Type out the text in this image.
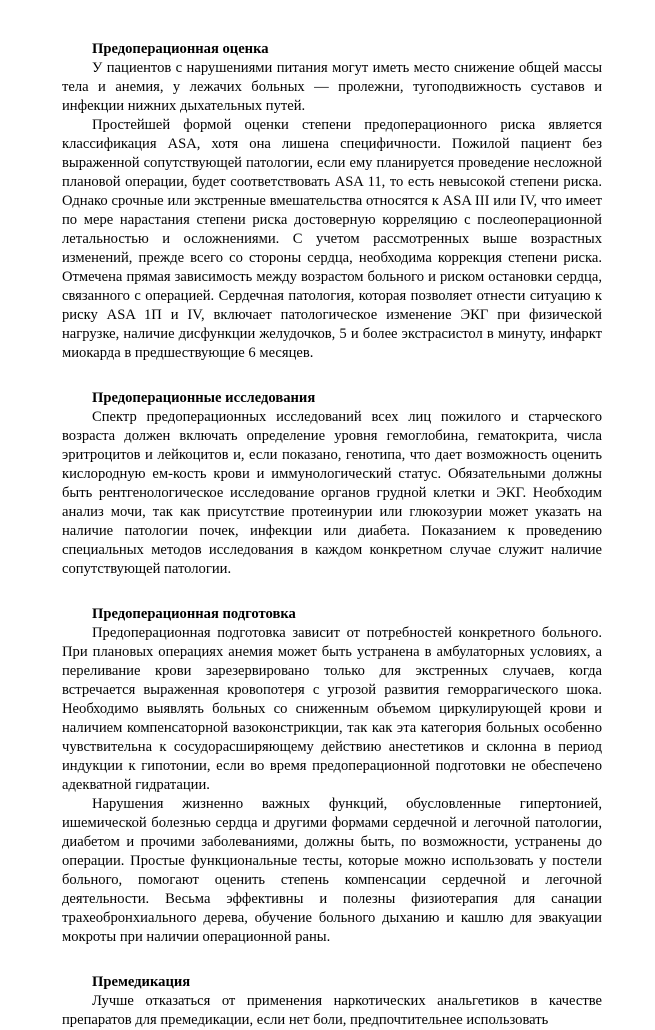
Предоперационная оценка

У пациентов с нарушениями питания могут иметь место снижение общей массы тела и анемия, у лежачих больных — пролежни, тугоподвижность суставов и инфекции нижних дыхательных путей.

Простейшей формой оценки степени предоперационного риска является классификация ASA, хотя она лишена специфичности. Пожилой пациент без выраженной сопутствующей патологии, если ему планируется проведение несложной плановой операции, будет соответствовать ASA 11, то есть невысокой степени риска. Однако срочные или экстренные вмешательства относятся к ASA III или IV, что имеет по мере нарастания степени риска достоверную корреляцию с послеоперационной летальностью и осложнениями. С учетом рассмотренных выше возрастных изменений, прежде всего со стороны сердца, необходима коррекция степени риска. Отмечена прямая зависимость между возрастом больного и риском остановки сердца, связанного с операцией. Сердечная патология, которая позволяет отнести ситуацию к риску ASA 1П и IV, включает патологическое изменение ЭКГ при физической нагрузке, наличие дисфункции желудочков, 5 и более экстрасистол в минуту, инфаркт миокарда в предшествующие 6 месяцев.

Предоперационные исследования

Спектр предоперационных исследований всех лиц пожилого и старческого возраста должен включать определение уровня гемоглобина, гематокрита, числа эритроцитов и лейкоцитов и, если показано, генотипа, что дает возможность оценить кислородную ем-кость крови и иммунологический статус. Обязательными должны быть рентгенологическое исследование органов грудной клетки и ЭКГ. Необходим анализ мочи, так как присутствие протеинурии или глюкозурии может указать на наличие патологии почек, инфекции или диабета. Показанием к проведению специальных методов исследования в каждом конкретном случае служит наличие сопутствующей патологии.

Предоперационная подготовка

Предоперационная подготовка зависит от потребностей конкретного больного. При плановых операциях анемия может быть устранена в амбулаторных условиях, а переливание крови зарезервировано только для экстренных случаев, когда встречается выраженная кровопотеря с угрозой развития геморрагического шока. Необходимо выявлять больных со сниженным объемом циркулирующей крови и наличием компенсаторной вазоконстрикции, так как эта категория больных особенно чувствительна к сосудорасширяющему действию анестетиков и склонна в период индукции к гипотонии, если во время предоперационной подготовки не обеспечено адекватной гидратации.

Нарушения жизненно важных функций, обусловленные гипертонией, ишемической болезнью сердца и другими формами сердечной и легочной патологии, диабетом и прочими заболеваниями, должны быть, по возможности, устранены до операции. Простые функциональные тесты, которые можно использовать у постели больного, помогают оценить степень компенсации сердечной и легочной деятельности. Весьма эффективны и полезны физиотерапия для санации трахеобронхиального дерева, обучение больного дыханию и кашлю для эвакуации мокроты при наличии операционной раны.

Премедикация

Лучше отказаться от применения наркотических анальгетиков в качестве препаратов для премедикации, если нет боли, предпочтительнее использовать
